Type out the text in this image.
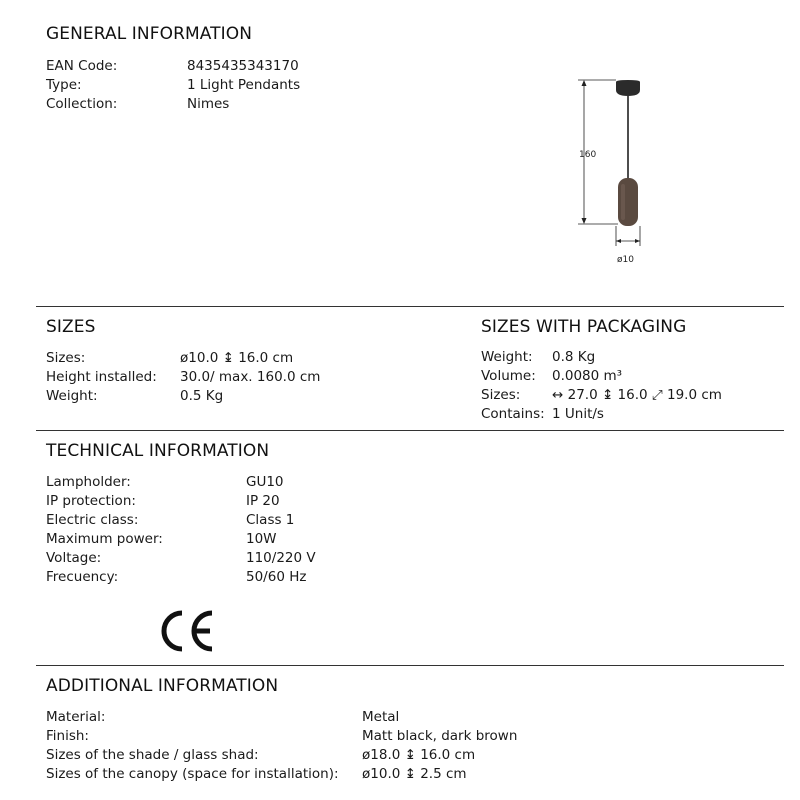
GENERAL INFORMATION
EAN Code:	8435435343170
Type:	1 Light Pendants
Collection:	Nimes
160
ø10
SIZES
Sizes:	ø10.0 ↨ 16.0 cm
Height installed: 30.0/ max. 160.0 cm
Weight:	0.5 Kg
SIZES WITH PACKAGING
Weight: 0.8 Kg
Volume: 0.0080 m³
Sizes: ↔ 27.0 ↨ 16.0 ⤢ 19.0 cm
Contains: 1 Unit/s
TECHNICAL INFORMATION
Lampholder:	GU10
IP protection:	IP 20
Electric class:	Class 1
Maximum power:	10W
Voltage:	110/220 V
Frecuency:	50/60 Hz
ADDITIONAL INFORMATION
Material:	Metal
Finish:	Matt black, dark brown
Sizes of the shade / glass shad:	ø18.0 ↨ 16.0 cm
Sizes of the canopy (space for installation): ø10.0 ↨ 2.5 cm
